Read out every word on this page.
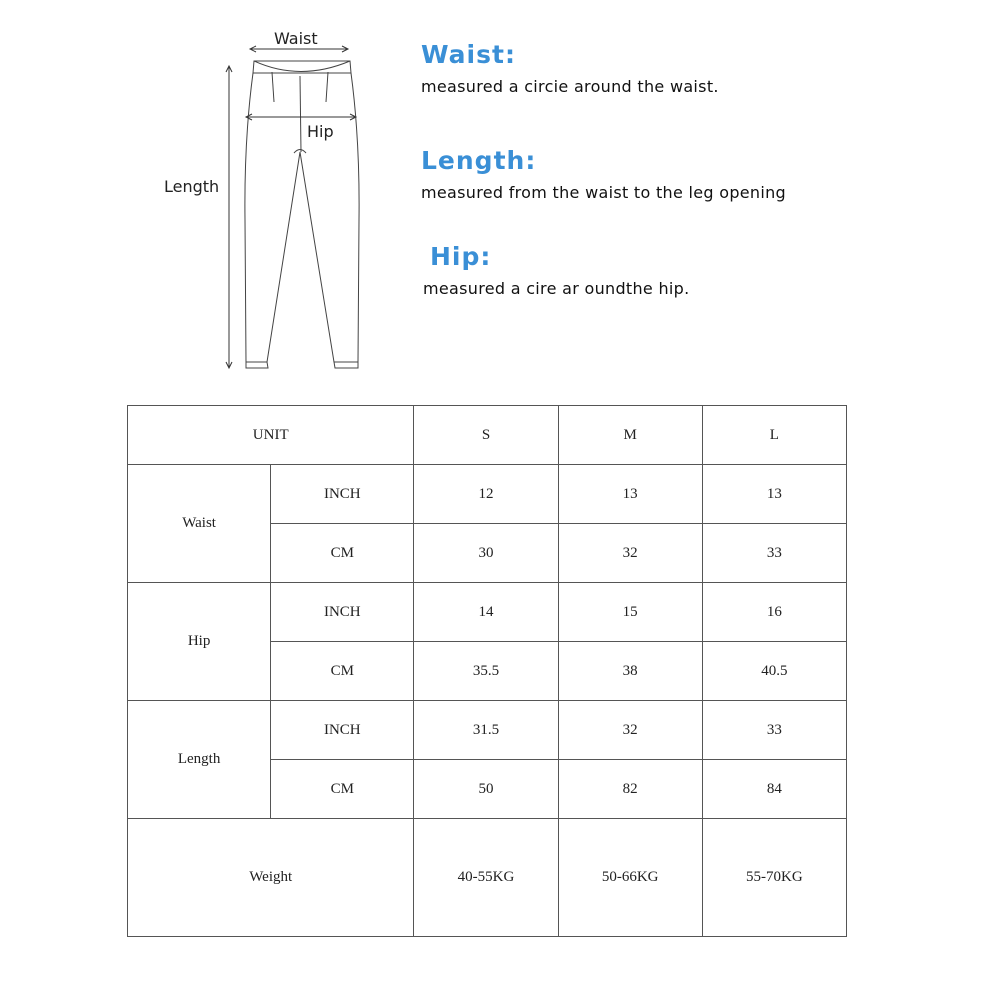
Waist
Hip
Length
Waist:
measured a circie around the waist.
Length:
measured from the waist to the leg opening
Hip:
measured a cire ar oundthe hip.
UNIT		S	M	L
Waist	INCH	12	13	13
	CM	30	32	33
Hip	INCH	14	15	16
	CM	35.5	38	40.5
Length	INCH	31.5	32	33
	CM	50	82	84
Weight		40-55KG	50-66KG	55-70KG
